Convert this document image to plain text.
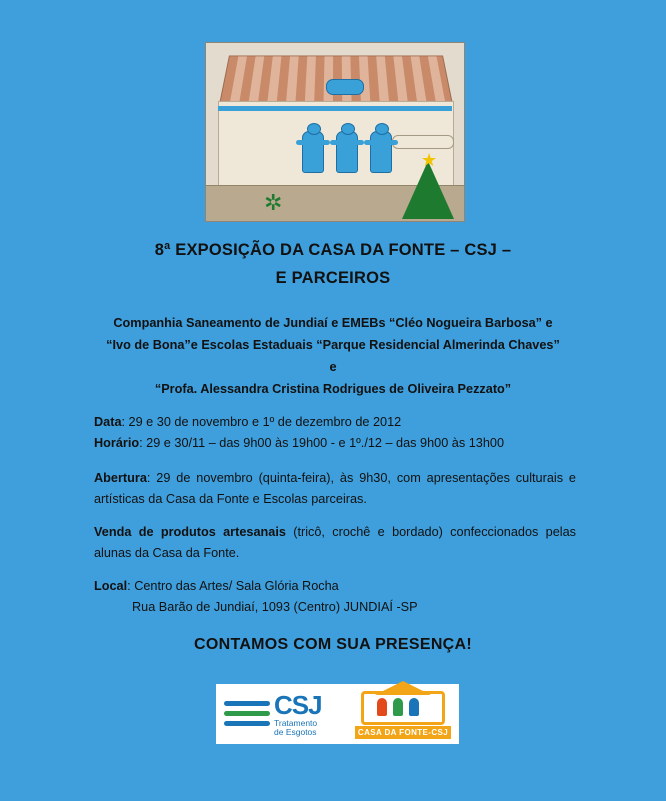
★
✲
8ª EXPOSIÇÃO DA CASA DA FONTE – CSJ –
E PARCEIROS
Companhia Saneamento de Jundiaí e EMEBs “Cléo Nogueira Barbosa” e
“Ivo de Bona”e Escolas Estaduais “Parque Residencial Almerinda Chaves”
e
“Profa. Alessandra Cristina Rodrigues de Oliveira Pezzato”
Data: 29 e 30 de novembro e 1º de dezembro de 2012
Horário: 29 e 30/11 – das 9h00 às 19h00 - e 1º./12 – das 9h00 às 13h00
Abertura: 29 de novembro (quinta-feira), às 9h30, com apresentações culturais e artísticas da Casa da Fonte e Escolas parceiras.
Venda de produtos artesanais (tricô, crochê e bordado) confeccionados pelas alunas da Casa da Fonte.
Local: Centro das Artes/ Sala Glória Rocha
Rua Barão de Jundiaí, 1093 (Centro) JUNDIAÍ -SP
CONTAMOS COM SUA PRESENÇA!
CSJ
Tratamento
de Esgotos	CASA DA FONTE-CSJ
